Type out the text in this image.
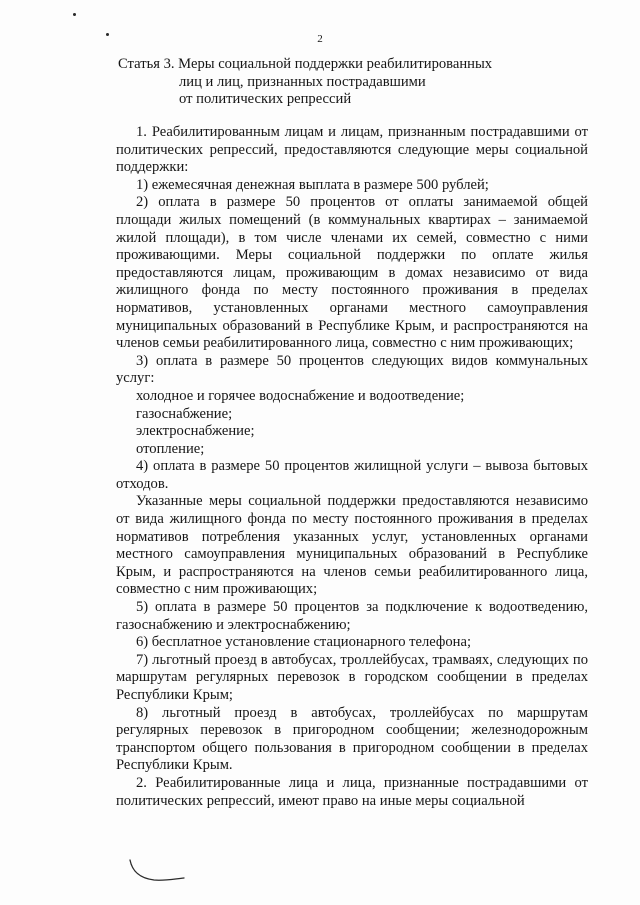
2
Статья 3. Меры социальной поддержки реабилитированных
лиц и лиц, признанных пострадавшими
от политических репрессий

1. Реабилитированным лицам и лицам, признанным пострадавшими от политических репрессий, предоставляются следующие меры социальной поддержки:

1) ежемесячная денежная выплата в размере 500 рублей;

2) оплата в размере 50 процентов от оплаты занимаемой общей площади жилых помещений (в коммунальных квартирах – занимаемой жилой площади), в том числе членами их семей, совместно с ними проживающими. Меры социальной поддержки по оплате жилья предоставляются лицам, проживающим в домах независимо от вида жилищного фонда по месту постоянного проживания в пределах нормативов, установленных органами местного самоуправления муниципальных образований в Республике Крым, и распространяются на членов семьи реабилитированного лица, совместно с ним проживающих;

3) оплата в размере 50 процентов следующих видов коммунальных услуг:

холодное и горячее водоснабжение и водоотведение;

газоснабжение;

электроснабжение;

отопление;

4) оплата в размере 50 процентов жилищной услуги – вывоза бытовых отходов.

Указанные меры социальной поддержки предоставляются независимо от вида жилищного фонда по месту постоянного проживания в пределах нормативов потребления указанных услуг, установленных органами местного самоуправления муниципальных образований в Республике Крым, и распространяются на членов семьи реабилитированного лица, совместно с ним проживающих;

5) оплата в размере 50 процентов за подключение к водоотведению, газоснабжению и электроснабжению;

6) бесплатное установление стационарного телефона;

7) льготный проезд в автобусах, троллейбусах, трамваях, следующих по маршрутам регулярных перевозок в городском сообщении в пределах Республики Крым;

8) льготный проезд в автобусах, троллейбусах по маршрутам регулярных перевозок в пригородном сообщении; железнодорожным транспортом общего пользования в пригородном сообщении в пределах Республики Крым.

2. Реабилитированные лица и лица, признанные пострадавшими от политических репрессий, имеют право на иные меры социальной
